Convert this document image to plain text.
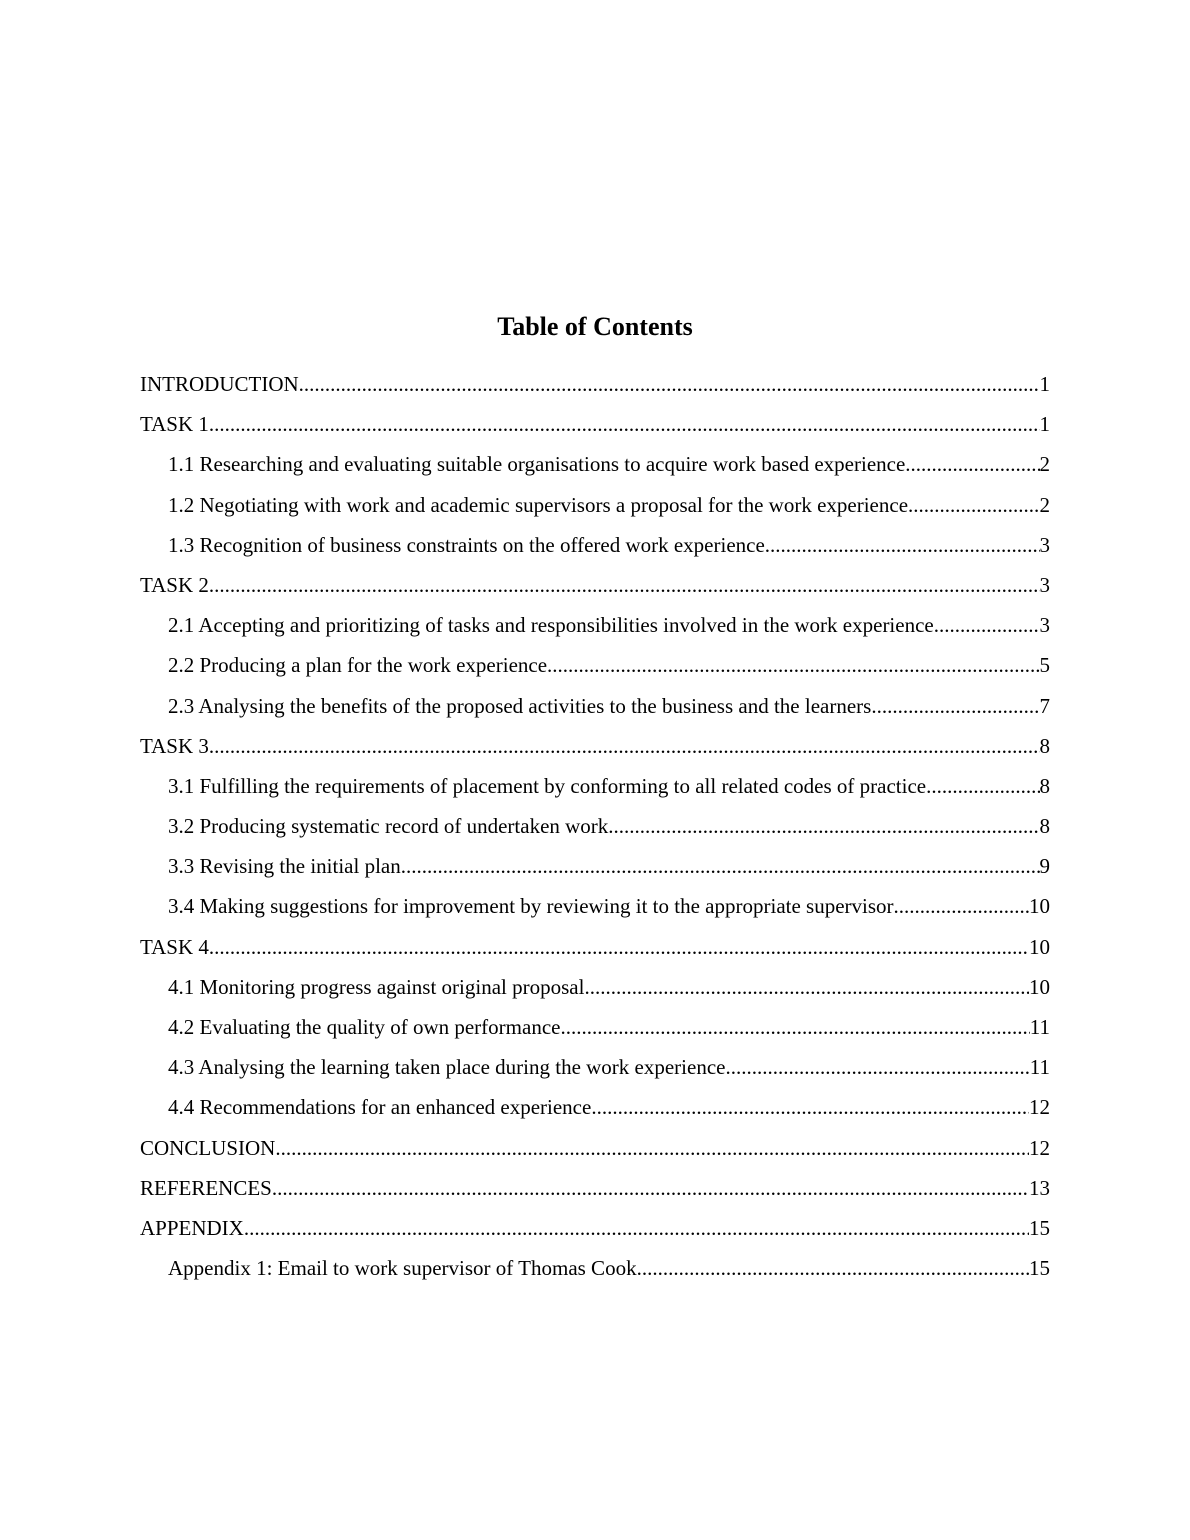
Table of Contents
INTRODUCTION .....	1
TASK 1 .....	1
1.1 Researching and evaluating suitable organisations to acquire work based experience .....	2
1.2 Negotiating with work and academic supervisors a proposal for the work experience .....	2
1.3 Recognition of business constraints on the offered work experience .....	3
TASK 2 .....	3
2.1 Accepting and prioritizing of tasks and responsibilities involved in the work experience .....	3
2.2 Producing a plan for the work experience .....	5
2.3 Analysing the benefits of the proposed activities to the business and the learners .....	7
TASK 3 .....	8
3.1 Fulfilling the requirements of placement by conforming to all related codes of practice .....	8
3.2 Producing systematic record of undertaken work .....	8
3.3 Revising the initial plan .....	9
3.4 Making suggestions for improvement by reviewing it to the appropriate supervisor .....	10
TASK 4 .....	10
4.1 Monitoring progress against original proposal .....	10
4.2 Evaluating the quality of own performance .....	11
4.3 Analysing the learning taken place during the work experience .....	11
4.4 Recommendations for an enhanced experience .....	12
CONCLUSION .....	12
REFERENCES .....	13
APPENDIX .....	15
Appendix 1: Email to work supervisor of Thomas Cook .....	15
